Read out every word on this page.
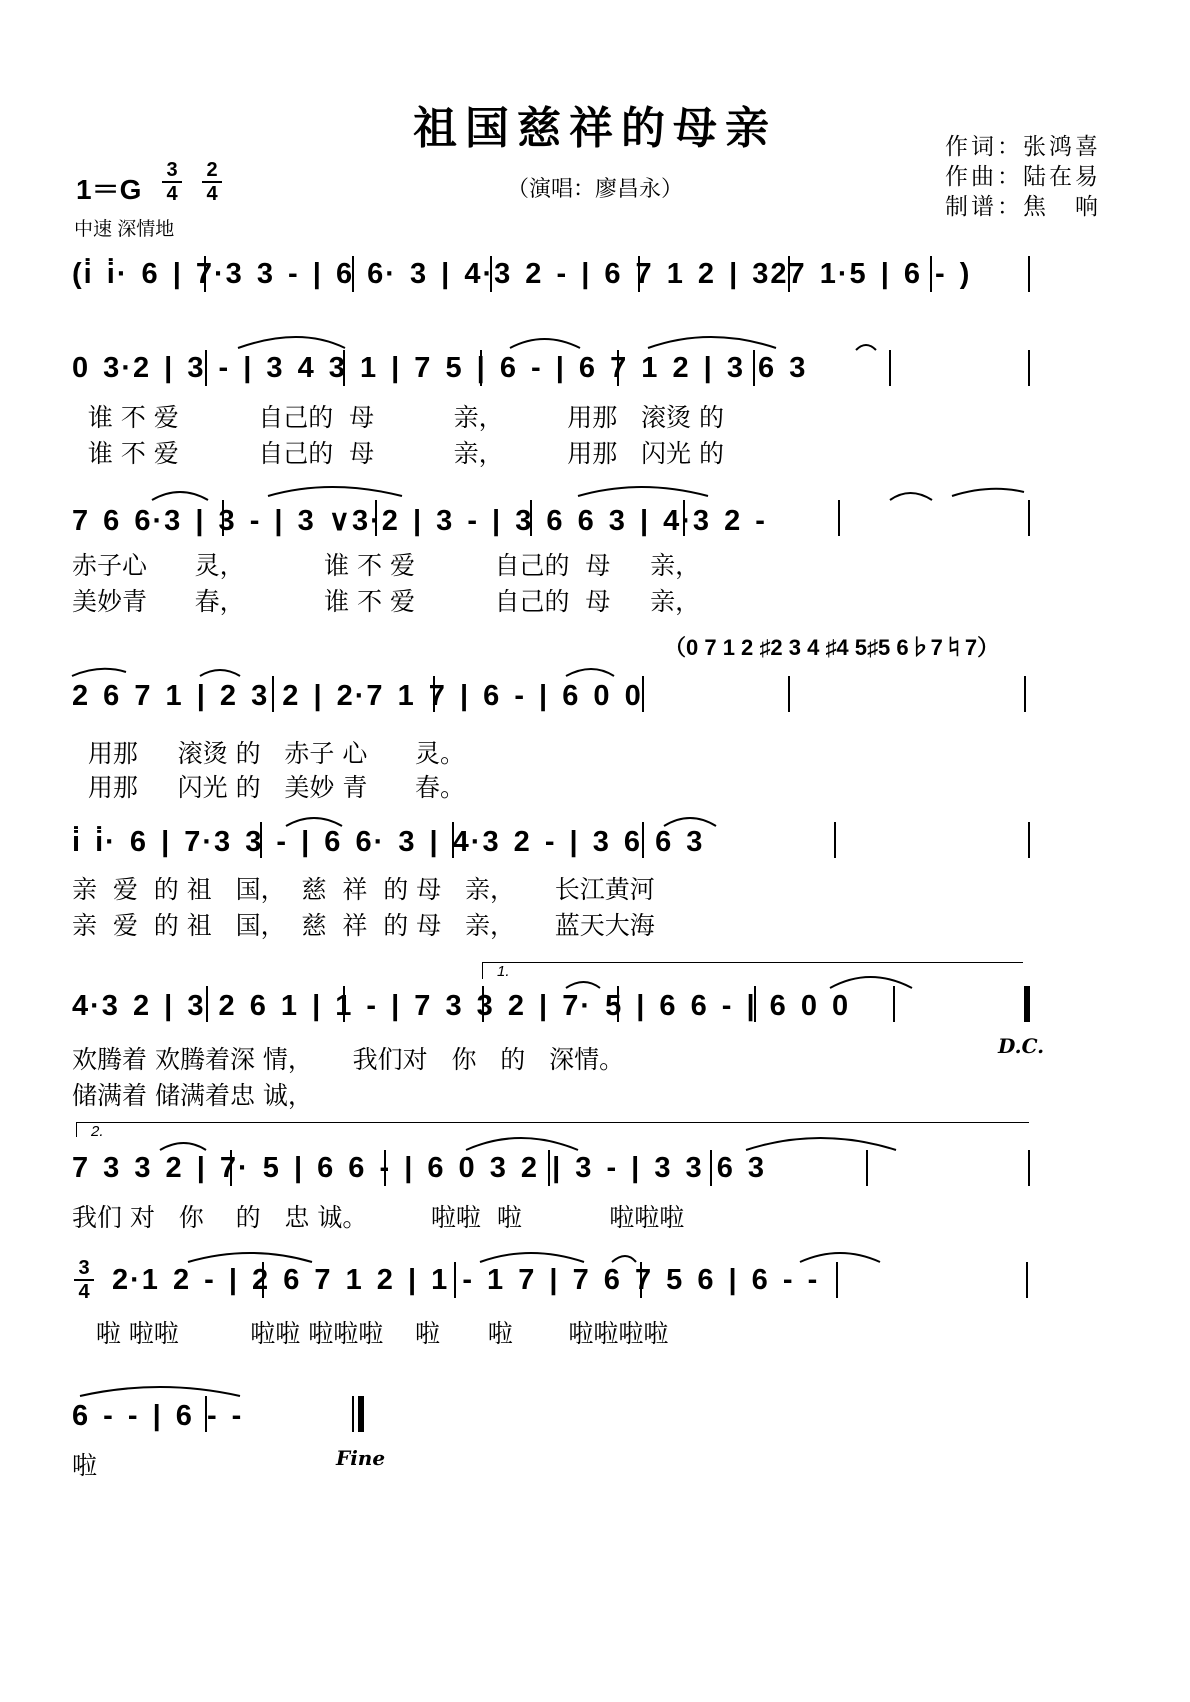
祖国慈祥的母亲
（演唱：廖昌永）
作词：张鸿喜
作曲：陆在易
制谱：焦　响
1＝G
3
4
2
4
中速 深情地
(i̇ i̇· 6 | 7·3 3 - | 6 6· 3 | 4·3 2 - | 6 7 1 2 | 327 1·5 | 6 - )
0 3·2 | 3 - | 3 4 3 1 | 7 5 | 6 - | 6 7 1 2 | 3 6 3
谁 不 爱          自己的  母          亲，        用那   滚烫 的
谁 不 爱          自己的  母          亲，        用那   闪光 的
7 6 6·3 | 3 - | 3 ∨3·2 | 3 - | 3 6 6 3 | 4·3 2 -
赤子心      灵，          谁 不 爱          自己的  母     亲，
美妙青      春，          谁 不 爱          自己的  母     亲，
（0 7 1 2 ♯2 3 4 ♯4 5♯5 6♭7♮7）
2 6 7 1 | 2 3 2 | 2·7 1 7 | 6 - | 6 0 0
用那     滚烫 的   赤子 心      灵。
用那     闪光 的   美妙 青      春。
i̇ i̇· 6 | 7·3 3 - | 6 6· 3 | 4·3 2 - | 3 6 6 3
亲  爱  的 祖   国，  慈  祥  的 母   亲，     长江黄河
亲  爱  的 祖   国，  慈  祥  的 母   亲，     蓝天大海
1.
4·3 2 | 3 2 6 1 | 1 - | 7 3 3 2 | 7· 5 | 6 6 - | 6 0 0
欢腾着 欢腾着深 情，     我们对   你   的   深情。
储满着 储满着忠 诚，
D.C.
2.
7 3 3 2 | 7· 5 | 6 6 - | 6 0 3 2 | 3 - | 3 3 6 3
我们 对   你    的   忠 诚。        啦啦  啦           啦啦啦
3
4 2·1 2 - | 2 6 7 1 2 | 1 - 1 7 | 7 6 7 5 6 | 6 - -
啦 啦啦         啦啦 啦啦啦    啦      啦       啦啦啦啦
6 - - | 6 - -
啦	Fine
